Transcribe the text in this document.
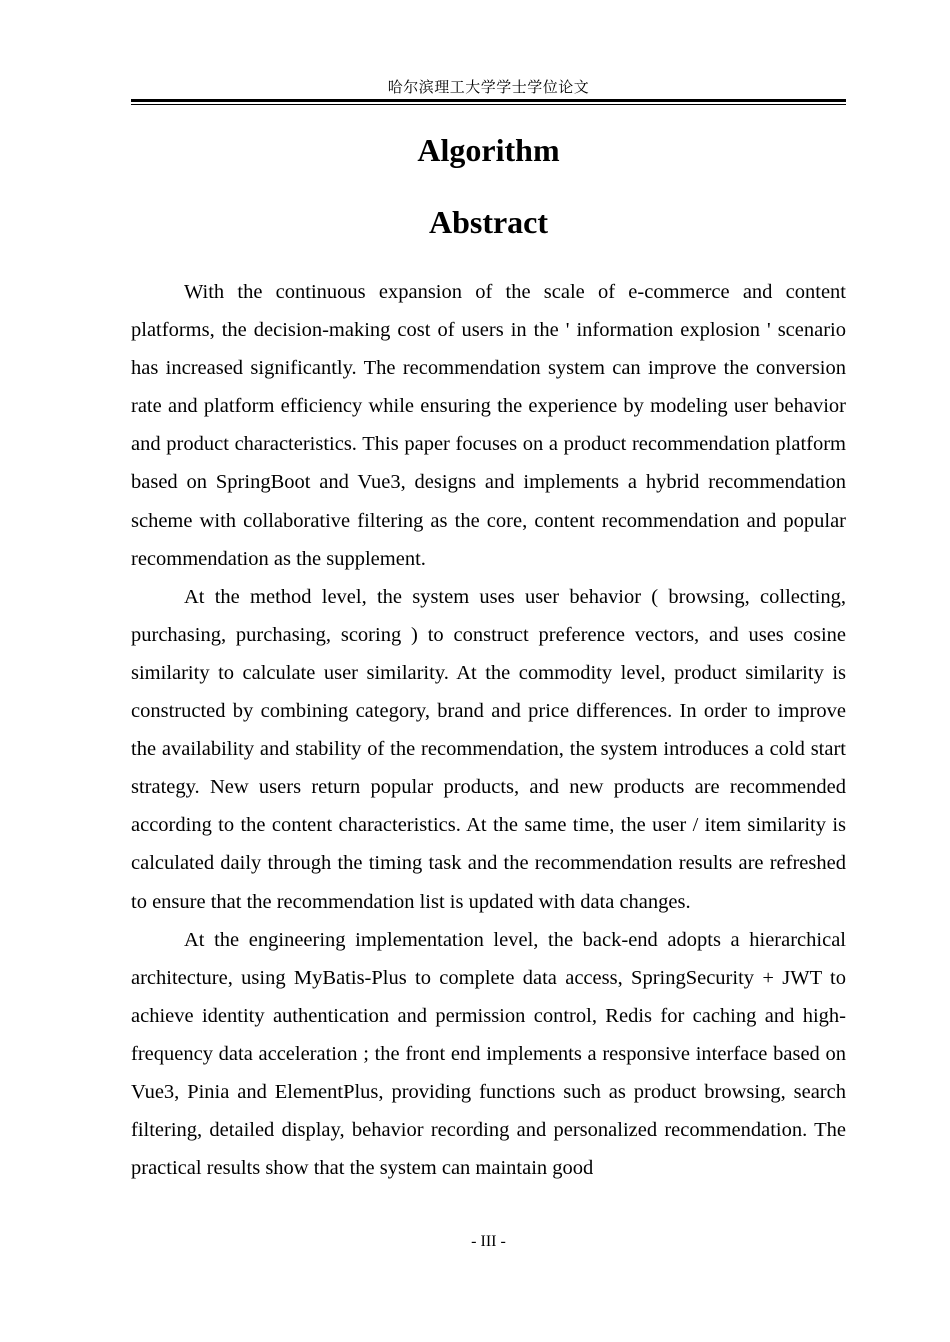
哈尔滨理工大学学士学位论文
Algorithm
Abstract

With the continuous expansion of the scale of e-commerce and content platforms, the decision-making cost of users in the ' information explosion ' scenario has increased significantly. The recommendation system can improve the conversion rate and platform efficiency while ensuring the experience by modeling user behavior and product characteristics. This paper focuses on a product recommendation platform based on SpringBoot and Vue3, designs and implements a hybrid recommendation scheme with collaborative filtering as the core, content recommendation and popular recommendation as the supplement.

At the method level, the system uses user behavior ( browsing, collecting, purchasing, purchasing, scoring ) to construct preference vectors, and uses cosine similarity to calculate user similarity. At the commodity level, product similarity is constructed by combining category, brand and price differences. In order to improve the availability and stability of the recommendation, the system introduces a cold start strategy. New users return popular products, and new products are recommended according to the content characteristics. At the same time, the user / item similarity is calculated daily through the timing task and the recommendation results are refreshed to ensure that the recommendation list is updated with data changes.

At the engineering implementation level, the back-end adopts a hierarchical architecture, using MyBatis-Plus to complete data access, SpringSecurity + JWT to achieve identity authentication and permission control, Redis for caching and high-frequency data acceleration ; the front end implements a responsive interface based on Vue3, Pinia and ElementPlus, providing functions such as product browsing, search filtering, detailed display, behavior recording and personalized recommendation. The practical results show that the system can maintain good

- III -
